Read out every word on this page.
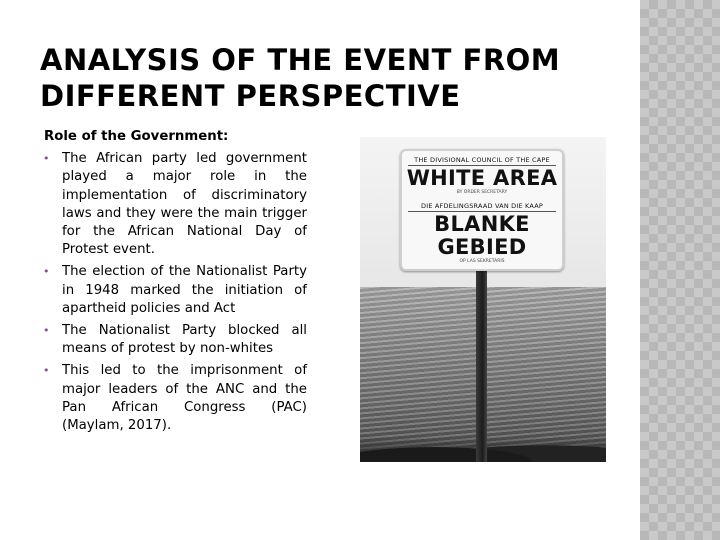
ANALYSIS OF THE EVENT FROM DIFFERENT PERSPECTIVE
Role of the Government:
• The African party led government played a major role in the implementation of discriminatory laws and they were the main trigger for the African National Day of Protest event.
• The election of the Nationalist Party in 1948 marked the initiation of apartheid policies and Act
• The Nationalist Party blocked all means of protest by non-whites
• This led to the imprisonment of major leaders of the ANC and the Pan African Congress (PAC) (Maylam, 2017).
THE DIVISIONAL COUNCIL OF THE CAPE
WHITE AREA
BY ORDER SECRETARY
DIE AFDELINGSRAAD VAN DIE KAAP
BLANKE GEBIED
OP LAS SEKRETARIS
